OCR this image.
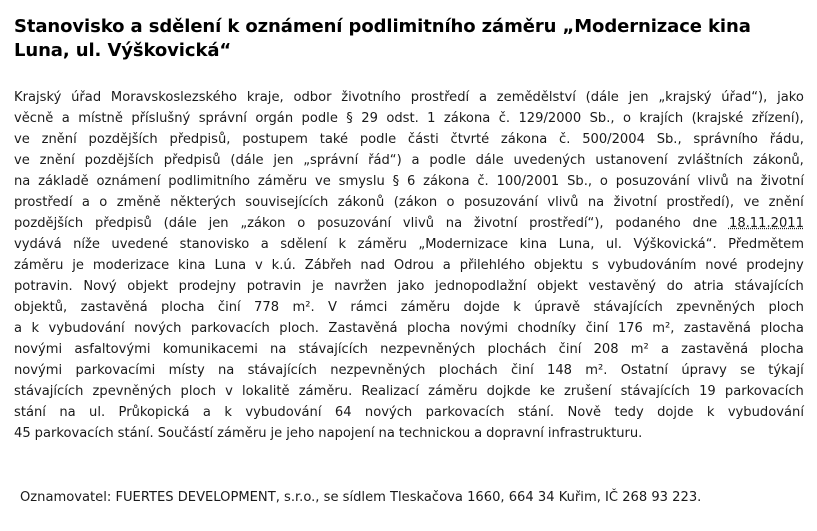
Stanovisko a sdělení k oznámení podlimitního záměru „Modernizace kina
Luna, ul. Výškovická“
Krajský úřad Moravskoslezského kraje, odbor životního prostředí a zemědělství (dále jen „krajský úřad“), jako
věcně a místně příslušný správní orgán podle § 29 odst. 1 zákona č. 129/2000 Sb., o krajích (krajské zřízení),
ve znění pozdějších předpisů, postupem také podle části čtvrté zákona č. 500/2004 Sb., správního řádu,
ve znění pozdějších předpisů (dále jen „správní řád“) a podle dále uvedených ustanovení zvláštních zákonů,
na základě oznámení podlimitního záměru ve smyslu § 6 zákona č. 100/2001 Sb., o posuzování vlivů na životní
prostředí a o změně některých souvisejících zákonů (zákon o posuzování vlivů na životní prostředí), ve znění
pozdějších předpisů (dále jen „zákon o posuzování vlivů na životní prostředí“), podaného dne 18.11.2011
vydává níže uvedené stanovisko a sdělení k záměru „Modernizace kina Luna, ul. Výškovická“. Předmětem
záměru je moderizace kina Luna v k.ú. Zábřeh nad Odrou a přilehlého objektu s vybudováním nové prodejny
potravin. Nový objekt prodejny potravin je navržen jako jednopodlažní objekt vestavěný do atria stávajících
objektů, zastavěná plocha činí 778 m². V rámci záměru dojde k úpravě stávajících zpevněných ploch
a k vybudování nových parkovacích ploch. Zastavěná plocha novými chodníky činí 176 m², zastavěná plocha
novými asfaltovými komunikacemi na stávajících nezpevněných plochách činí 208 m² a zastavěná plocha
novými parkovacími místy na stávajících nezpevněných plochách činí 148 m². Ostatní úpravy se týkají
stávajících zpevněných ploch v lokalitě záměru. Realizací záměru dojkde ke zrušení stávajících 19 parkovacích
stání na ul. Průkopická a k vybudování 64 nových parkovacích stání. Nově tedy dojde k vybudování
45 parkovacích stání. Součástí záměru je jeho napojení na technickou a dopravní infrastrukturu.
Oznamovatel: FUERTES DEVELOPMENT, s.r.o., se sídlem Tleskačova 1660, 664 34 Kuřim, IČ 268 93 223.
